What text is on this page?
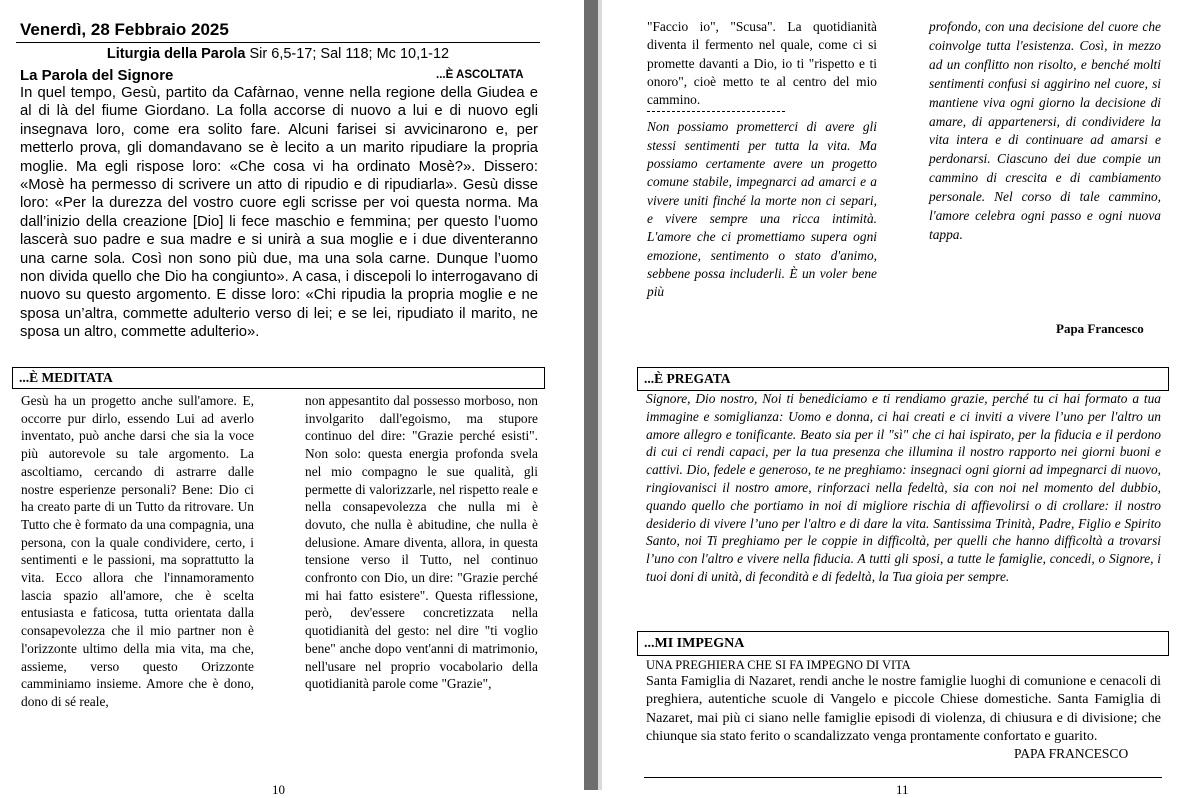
Venerdì, 28 Febbraio 2025
Liturgia della Parola Sir 6,5-17; Sal 118; Mc 10,1-12
La Parola del Signore	...È ASCOLTATA
In quel tempo, Gesù, partito da Cafàrnao, venne nella regione della Giudea e al di là del fiume Giordano. La folla accorse di nuovo a lui e di nuovo egli insegnava loro, come era solito fare. Alcuni farisei si avvicinarono e, per metterlo prova, gli domandavano se è lecito a un marito ripudiare la propria moglie. Ma egli rispose loro: «Che cosa vi ha ordinato Mosè?». Dissero: «Mosè ha permesso di scrivere un atto di ripudio e di ripudiarla». Gesù disse loro: «Per la durezza del vostro cuore egli scrisse per voi questa norma. Ma dall’inizio della creazione [Dio] li fece maschio e femmina; per questo l’uomo lascerà suo padre e sua madre e si unirà a sua moglie e i due diventeranno una carne sola. Così non sono più due, ma una sola carne. Dunque l’uomo non divida quello che Dio ha congiunto». A casa, i discepoli lo interrogavano di nuovo su questo argomento. E disse loro: «Chi ripudia la propria moglie e ne sposa un’altra, commette adulterio verso di lei; e se lei, ripudiato il marito, ne sposa un altro, commette adulterio».
...È MEDITATA
Gesù ha un progetto anche sull'amore. E, occorre pur dirlo, essendo Lui ad averlo inventato, può anche darsi che sia la voce più autorevole su tale argomento. La ascoltiamo, cercando di astrarre dalle nostre esperienze personali? Bene: Dio ci ha creato parte di un Tutto da ritrovare. Un Tutto che è formato da una compagnia, una persona, con la quale condividere, certo, i sentimenti e le passioni, ma soprattutto la vita. Ecco allora che l'innamoramento lascia spazio all'amore, che è scelta entusiasta e faticosa, tutta orientata dalla consapevolezza che il mio partner non è l'orizzonte ultimo della mia vita, ma che, assieme, verso questo Orizzonte camminiamo insieme. Amore che è dono, dono di sé reale,
non appesantito dal possesso morboso, non involgarito dall'egoismo, ma stupore continuo del dire: "Grazie perché esisti". Non solo: questa energia profonda svela nel mio compagno le sue qualità, gli permette di valorizzarle, nel rispetto reale e nella consapevolezza che nulla mi è dovuto, che nulla è abitudine, che nulla è delusione. Amare diventa, allora, in questa tensione verso il Tutto, nel continuo confronto con Dio, un dire: "Grazie perché mi hai fatto esistere". Questa riflessione, però, dev'essere concretizzata nella quotidianità del gesto: nel dire "ti voglio bene" anche dopo vent'anni di matrimonio, nell'usare nel proprio vocabolario della quotidianità parole come "Grazie",
10
"Faccio io", "Scusa". La quotidianità diventa il fermento nel quale, come ci si promette davanti a Dio, io ti "rispetto e ti onoro", cioè metto te al centro del mio cammino.
Non possiamo prometterci di avere gli stessi sentimenti per tutta la vita. Ma possiamo certamente avere un progetto comune stabile, impegnarci ad amarci e a vivere uniti finché la morte non ci separi, e vivere sempre una ricca intimità. L'amore che ci promettiamo supera ogni emozione, sentimento o stato d'animo, sebbene possa includerli. È un voler bene più
profondo, con una decisione del cuore che coinvolge tutta l'esistenza. Così, in mezzo ad un conflitto non risolto, e benché molti sentimenti confusi si aggirino nel cuore, si mantiene viva ogni giorno la decisione di amare, di appartenersi, di condividere la vita intera e di continuare ad amarsi e perdonarsi. Ciascuno dei due compie un cammino di crescita e di cambiamento personale. Nel corso di tale cammino, l'amore celebra ogni passo e ogni nuova tappa.
Papa Francesco
...È PREGATA
Signore, Dio nostro, Noi ti benediciamo e ti rendiamo grazie, perché tu ci hai formato a tua immagine e somiglianza: Uomo e donna, ci hai creati e ci inviti a vivere l’uno per l'altro un amore allegro e tonificante. Beato sia per il "sì" che ci hai ispirato, per la fiducia e il perdono di cui ci rendi capaci, per la tua presenza che illumina il nostro rapporto nei giorni buoni e cattivi. Dio, fedele e generoso, te ne preghiamo: insegnaci ogni giorni ad impegnarci di nuovo, ringiovanisci il nostro amore, rinforzaci nella fedeltà, sia con noi nel momento del dubbio, quando quello che portiamo in noi di migliore rischia di affievolirsi o di crollare: il nostro desiderio di vivere l’uno per l'altro e di dare la vita. Santissima Trinità, Padre, Figlio e Spirito Santo, noi Ti preghiamo per le coppie in difficoltà, per quelli che hanno difficoltà a trovarsi l’uno con l'altro e vivere nella fiducia. A tutti gli sposi, a tutte le famiglie, concedi, o Signore, i tuoi doni di unità, di fecondità e di fedeltà, la Tua gioia per sempre.
...MI IMPEGNA
UNA PREGHIERA CHE SI FA IMPEGNO DI VITA
Santa Famiglia di Nazaret, rendi anche le nostre famiglie luoghi di comunione e cenacoli di preghiera, autentiche scuole di Vangelo e piccole Chiese domestiche. Santa Famiglia di Nazaret, mai più ci siano nelle famiglie episodi di violenza, di chiusura e di divisione; che chiunque sia stato ferito o scandalizzato venga prontamente confortato e guarito.
PAPA FRANCESCO
11
